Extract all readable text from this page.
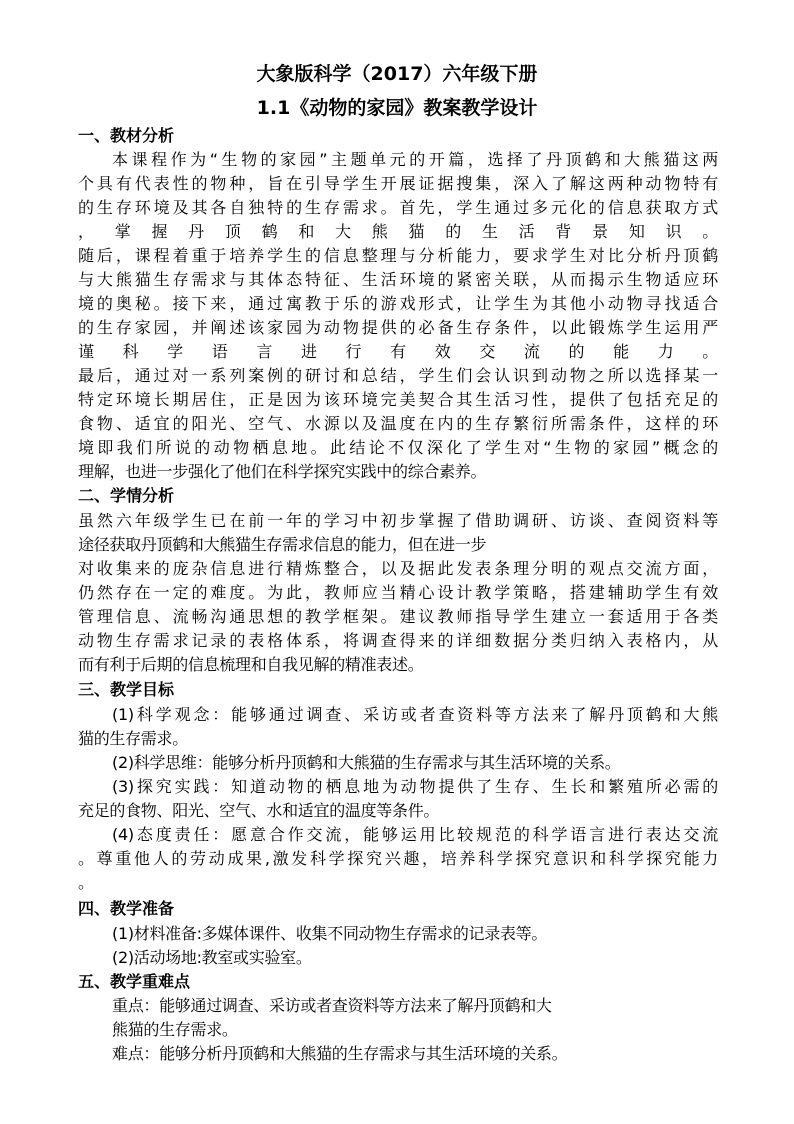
大象版科学（2017）六年级下册
1.1《动物的家园》教案教学设计
一、教材分析
本课程作为“生物的家园”主题单元的开篇，选择了丹顶鹤和大熊猫这两
个具有代表性的物种，旨在引导学生开展证据搜集，深入了解这两种动物特有
的生存环境及其各自独特的生存需求。首先，学生通过多元化的信息获取方式
，掌握丹顶鹤和大熊猫的生活背景知识。
随后，课程着重于培养学生的信息整理与分析能力，要求学生对比分析丹顶鹤
与大熊猫生存需求与其体态特征、生活环境的紧密关联，从而揭示生物适应环
境的奥秘。接下来，通过寓教于乐的游戏形式，让学生为其他小动物寻找适合
的生存家园，并阐述该家园为动物提供的必备生存条件，以此锻炼学生运用严
谨科学语言进行有效交流的能力。
最后，通过对一系列案例的研讨和总结，学生们会认识到动物之所以选择某一
特定环境长期居住，正是因为该环境完美契合其生活习性，提供了包括充足的
食物、适宜的阳光、空气、水源以及温度在内的生存繁衍所需条件，这样的环
境即我们所说的动物栖息地。此结论不仅深化了学生对“生物的家园”概念的
理解，也进一步强化了他们在科学探究实践中的综合素养。
二、学情分析
虽然六年级学生已在前一年的学习中初步掌握了借助调研、访谈、查阅资料等
途径获取丹顶鹤和大熊猫生存需求信息的能力，但在进一步
对收集来的庞杂信息进行精炼整合，以及据此发表条理分明的观点交流方面，
仍然存在一定的难度。为此，教师应当精心设计教学策略，搭建辅助学生有效
管理信息、流畅沟通思想的教学框架。建议教师指导学生建立一套适用于各类
动物生存需求记录的表格体系，将调查得来的详细数据分类归纳入表格内，从
而有利于后期的信息梳理和自我见解的精准表述。
三、教学目标
(1)科学观念：能够通过调查、采访或者查资料等方法来了解丹顶鹤和大熊
猫的生存需求。
(2)科学思维：能够分析丹顶鹤和大熊猫的生存需求与其生活环境的关系。
(3)探究实践：知道动物的栖息地为动物提供了生存、生长和繁殖所必需的
充足的食物、阳光、空气、水和适宜的温度等条件。
(4)态度责任：愿意合作交流，能够运用比较规范的科学语言进行表达交流
。尊重他人的劳动成果,激发科学探究兴趣，培养科学探究意识和科学探究能力
。
四、教学准备
(1)材料准备:多媒体课件、收集不同动物生存需求的记录表等。
(2)活动场地:教室或实验室。
五、教学重难点
重点：能够通过调查、采访或者查资料等方法来了解丹顶鹤和大
熊猫的生存需求。
难点：能够分析丹顶鹤和大熊猫的生存需求与其生活环境的关系。
